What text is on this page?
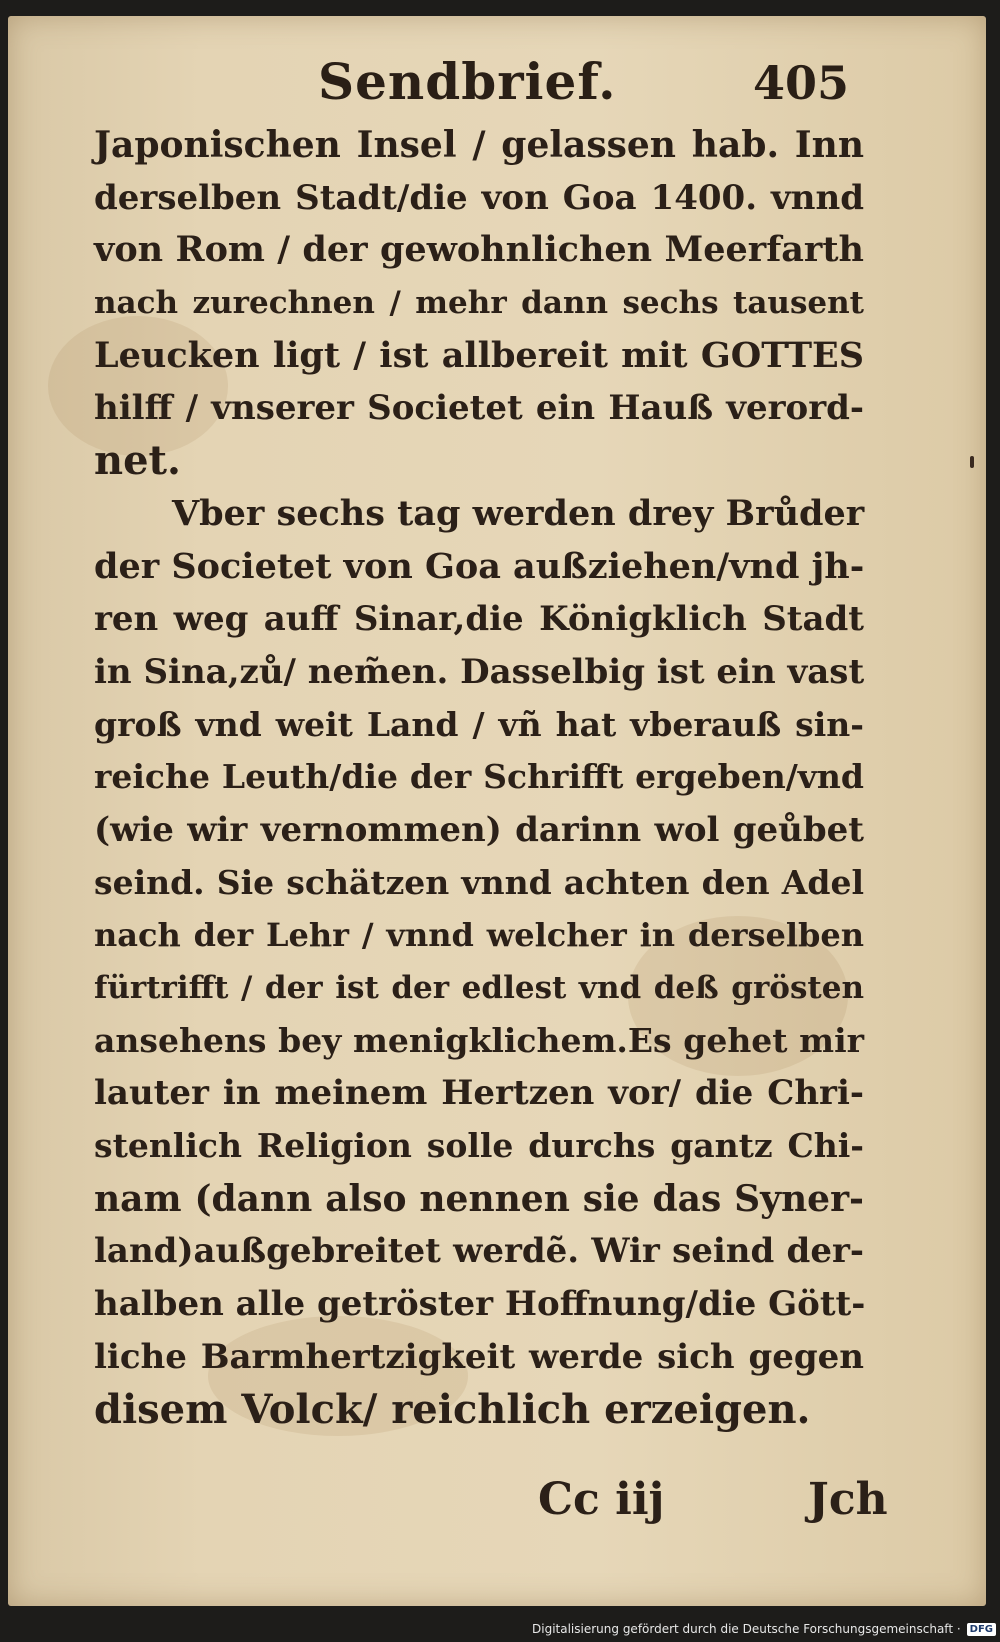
Sendbrief.	405
Japonischen Insel / gelassen hab. Inn
derselben Stadt/die von Goa 1400. vnnd
von Rom / der gewohnlichen Meerfarth
nach zurechnen / mehr dann sechs tausent
Leucken ligt / ist allbereit mit GOTTES
hilff / vnserer Societet ein Hauß verord-
net.
Vber sechs tag werden drey Brůder
der Societet von Goa außziehen/vnd jh-
ren weg auff Sinar,die Königklich Stadt
in Sina,zů/ nem̃en. Dasselbig ist ein vast
groß vnd weit Land / vñ hat vberauß sin-
reiche Leuth/die der Schrifft ergeben/vnd
(wie wir vernommen) darinn wol geůbet
seind. Sie schätzen vnnd achten den Adel
nach der Lehr / vnnd welcher in derselben
fürtrifft / der ist der edlest vnd deß grösten
ansehens bey menigklichem.Es gehet mir
lauter in meinem Hertzen vor/ die Chri-
stenlich Religion solle durchs gantz Chi-
nam (dann also nennen sie das Syner-
land)außgebreitet werdẽ. Wir seind der-
halben alle getröster Hoffnung/die Gött-
liche Barmhertzigkeit werde sich gegen
disem Volck/ reichlich erzeigen.
Cc iij	Jch
Digitalisierung gefördert durch die Deutsche Forschungsgemeinschaft · DFG
